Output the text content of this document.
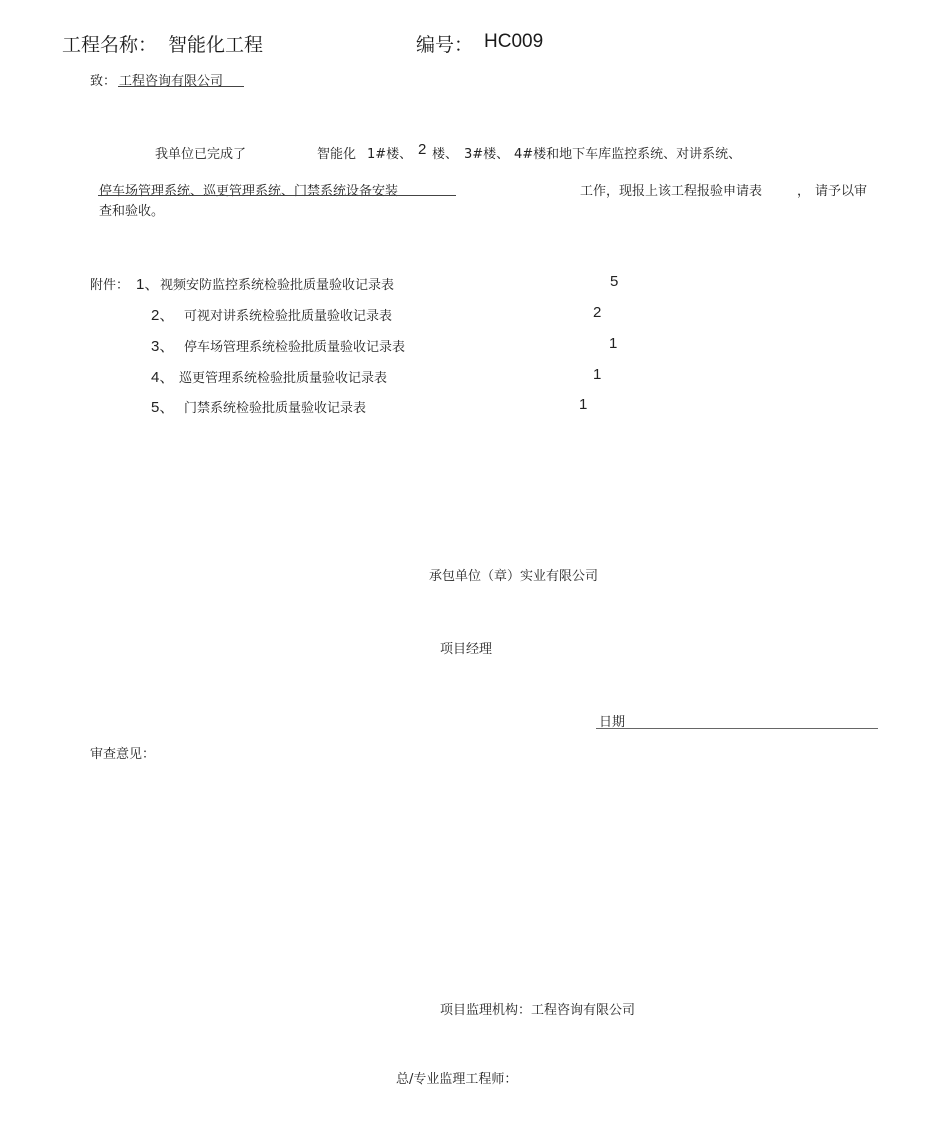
工程名称： 智能化工程	编号： HC009
致： 工程咨询有限公司
我单位已完成了	智能化 1#楼、 2 楼、 3#楼、 4#楼和地下车库监控系统、对讲系统、
停车场管理系统、巡更管理系统、门禁系统设备安装	工作，现报上该工程报验申请表	， 请予以审
查和验收。
附件： 1、 视频安防监控系统检验批质量验收记录表	5
2、 可视对讲系统检验批质量验收记录表	2
3、 停车场管理系统检验批质量验收记录表	1
4、 巡更管理系统检验批质量验收记录表	1
5、 门禁系统检验批质量验收记录表	1
承包单位（章）实业有限公司
项目经理
日期
审查意见：
项目监理机构：工程咨询有限公司
总/专业监理工程师：
